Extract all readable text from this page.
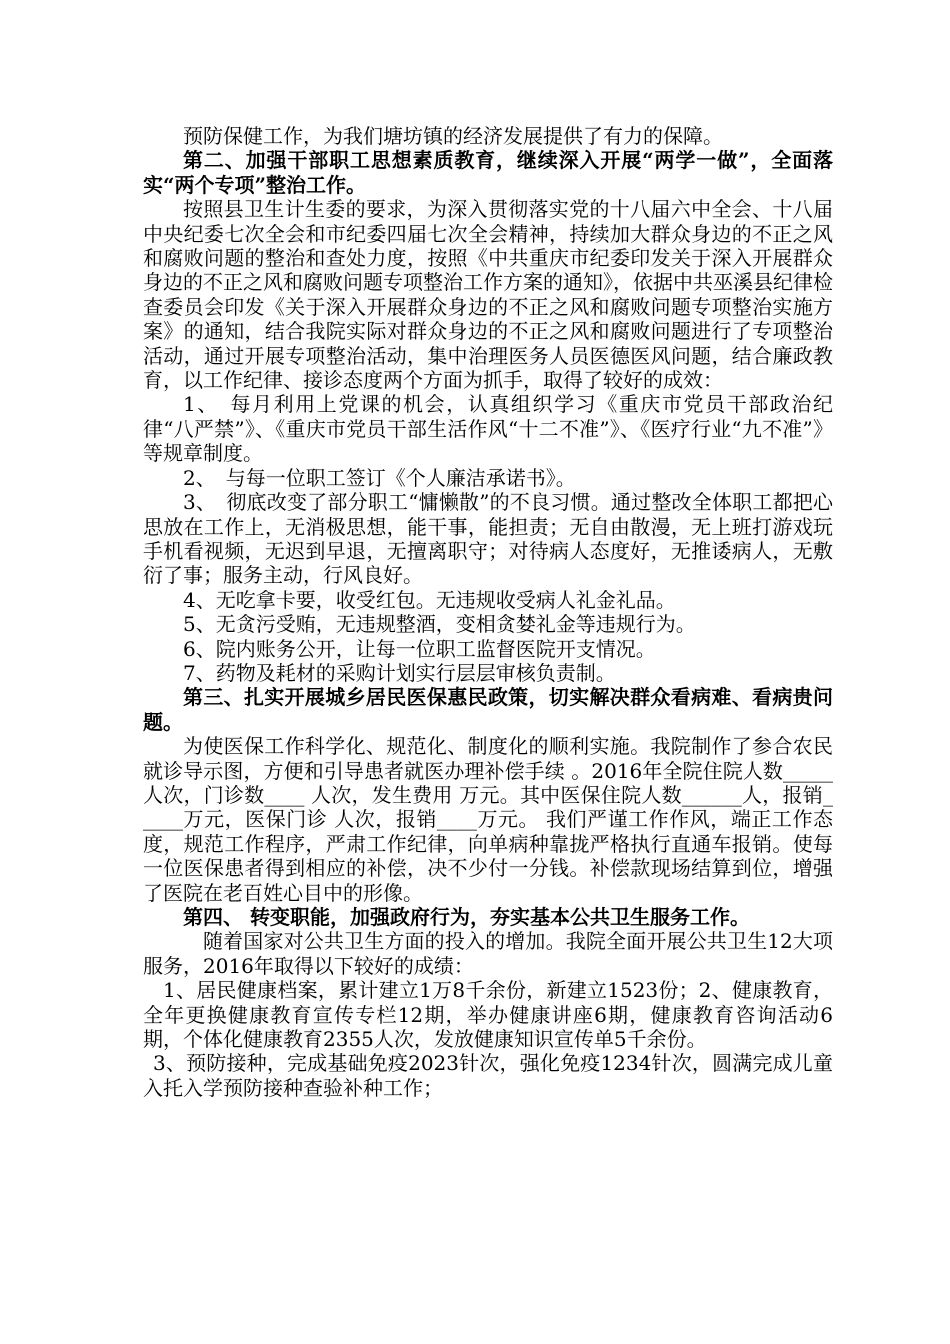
预防保健工作，为我们塘坊镇的经济发展提供了有力的保障。

第二、加强干部职工思想素质教育，继续深入开展“两学一做”，全面落实“两个专项”整治工作。

按照县卫生计生委的要求，为深入贯彻落实党的十八届六中全会、十八届中央纪委七次全会和市纪委四届七次全会精神，持续加大群众身边的不正之风和腐败问题的整治和查处力度，按照《中共重庆市纪委印发关于深入开展群众身边的不正之风和腐败问题专项整治工作方案的通知》，依据中共巫溪县纪律检查委员会印发《关于深入开展群众身边的不正之风和腐败问题专项整治实施方案》的通知，结合我院实际对群众身边的不正之风和腐败问题进行了专项整治活动，通过开展专项整治活动，集中治理医务人员医德医风问题，结合廉政教育，以工作纪律、接诊态度两个方面为抓手，取得了较好的成效：

1、　每月利用上党课的机会，认真组织学习《重庆市党员干部政治纪律“八严禁”》、《重庆市党员干部生活作风“十二不准”》、《医疗行业“九不准”》等规章制度。

2、　与每一位职工签订《个人廉洁承诺书》。

3、　彻底改变了部分职工“慵懒散”的不良习惯。通过整改全体职工都把心思放在工作上，无消极思想，能干事，能担责；无自由散漫，无上班打游戏玩手机看视频，无迟到早退，无擅离职守；对待病人态度好，无推诿病人，无敷衍了事；服务主动，行风良好。

4、无吃拿卡要，收受红包。无违规收受病人礼金礼品。

5、无贪污受贿，无违规整酒，变相贪婪礼金等违规行为。

6、院内账务公开，让每一位职工监督医院开支情况。

7、药物及耗材的采购计划实行层层审核负责制。

第三、扎实开展城乡居民医保惠民政策，切实解决群众看病难、看病贵问题。

为使医保工作科学化、规范化、制度化的顺利实施。我院制作了参合农民就诊导示图，方便和引导患者就医办理补偿手续 。2016年全院住院人数_____人次，门诊数____ 人次，发生费用 万元。其中医保住院人数______人，报销_____万元，医保门诊 人次，报销____万元。 我们严谨工作作风，端正工作态度，规范工作程序，严肃工作纪律，向单病种靠拢严格执行直通车报销。使每一位医保患者得到相应的补偿，决不少付一分钱。补偿款现场结算到位，增强了医院在老百姓心目中的形像。

第四、 转变职能，加强政府行为，夯实基本公共卫生服务工作。

随着国家对公共卫生方面的投入的增加。我院全面开展公共卫生12大项服务，2016年取得以下较好的成绩：

1、居民健康档案，累计建立1万8千余份，新建立1523份；2、健康教育，全年更换健康教育宣传专栏12期，举办健康讲座6期，健康教育咨询活动6期，个体化健康教育2355人次，发放健康知识宣传单5千余份。

3、预防接种，完成基础免疫2023针次，强化免疫1234针次，圆满完成儿童入托入学预防接种查验补种工作；
